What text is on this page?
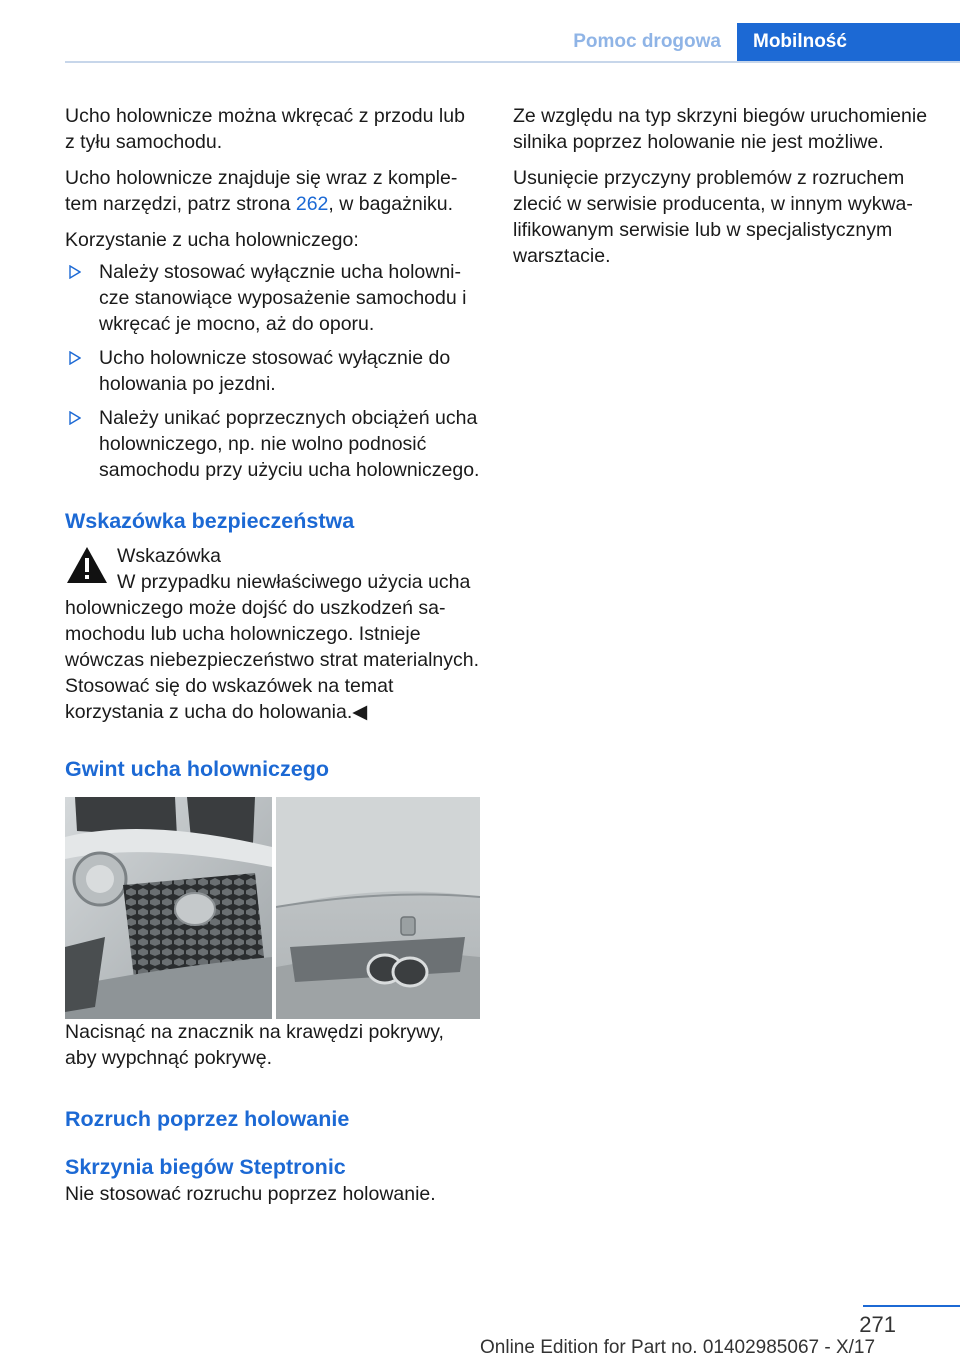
Pomoc drogowa	Mobilność

Ucho holownicze można wkręcać z przodu lub z tyłu samochodu.

Ucho holownicze znajduje się wraz z kompletem narzędzi, patrz strona 262, w bagażniku.

Korzystanie z ucha holowniczego:

Należy stosować wyłącznie ucha holownicze stanowiące wyposażenie samochodu i wkręcać je mocno, aż do oporu.
Ucho holownicze stosować wyłącznie do holowania po jezdni.
Należy unikać poprzecznych obciążeń ucha holowniczego, np. nie wolno podnosić samochodu przy użyciu ucha holowniczego.
Wskazówka bezpieczeństwa

Wskazówka

W przypadku niewłaściwego użycia ucha holowniczego może dojść do uszkodzeń samochodu lub ucha holowniczego. Istnieje wówczas niebezpieczeństwo strat materialnych. Stosować się do wskazówek na temat korzystania z ucha do holowania.◀

Gwint ucha holowniczego

Nacisnąć na znacznik na krawędzi pokrywy, aby wypchnąć pokrywę.

Rozruch poprzez holowanie
Skrzynia biegów Steptronic

Nie stosować rozruchu poprzez holowanie.

Ze względu na typ skrzyni biegów uruchomienie silnika poprzez holowanie nie jest możliwe.

Usunięcie przyczyny problemów z rozruchem zlecić w serwisie producenta, w innym wykwalifikowanym serwisie lub w specjalistycznym warsztacie.

271
Online Edition for Part no. 01402985067 - X/17
